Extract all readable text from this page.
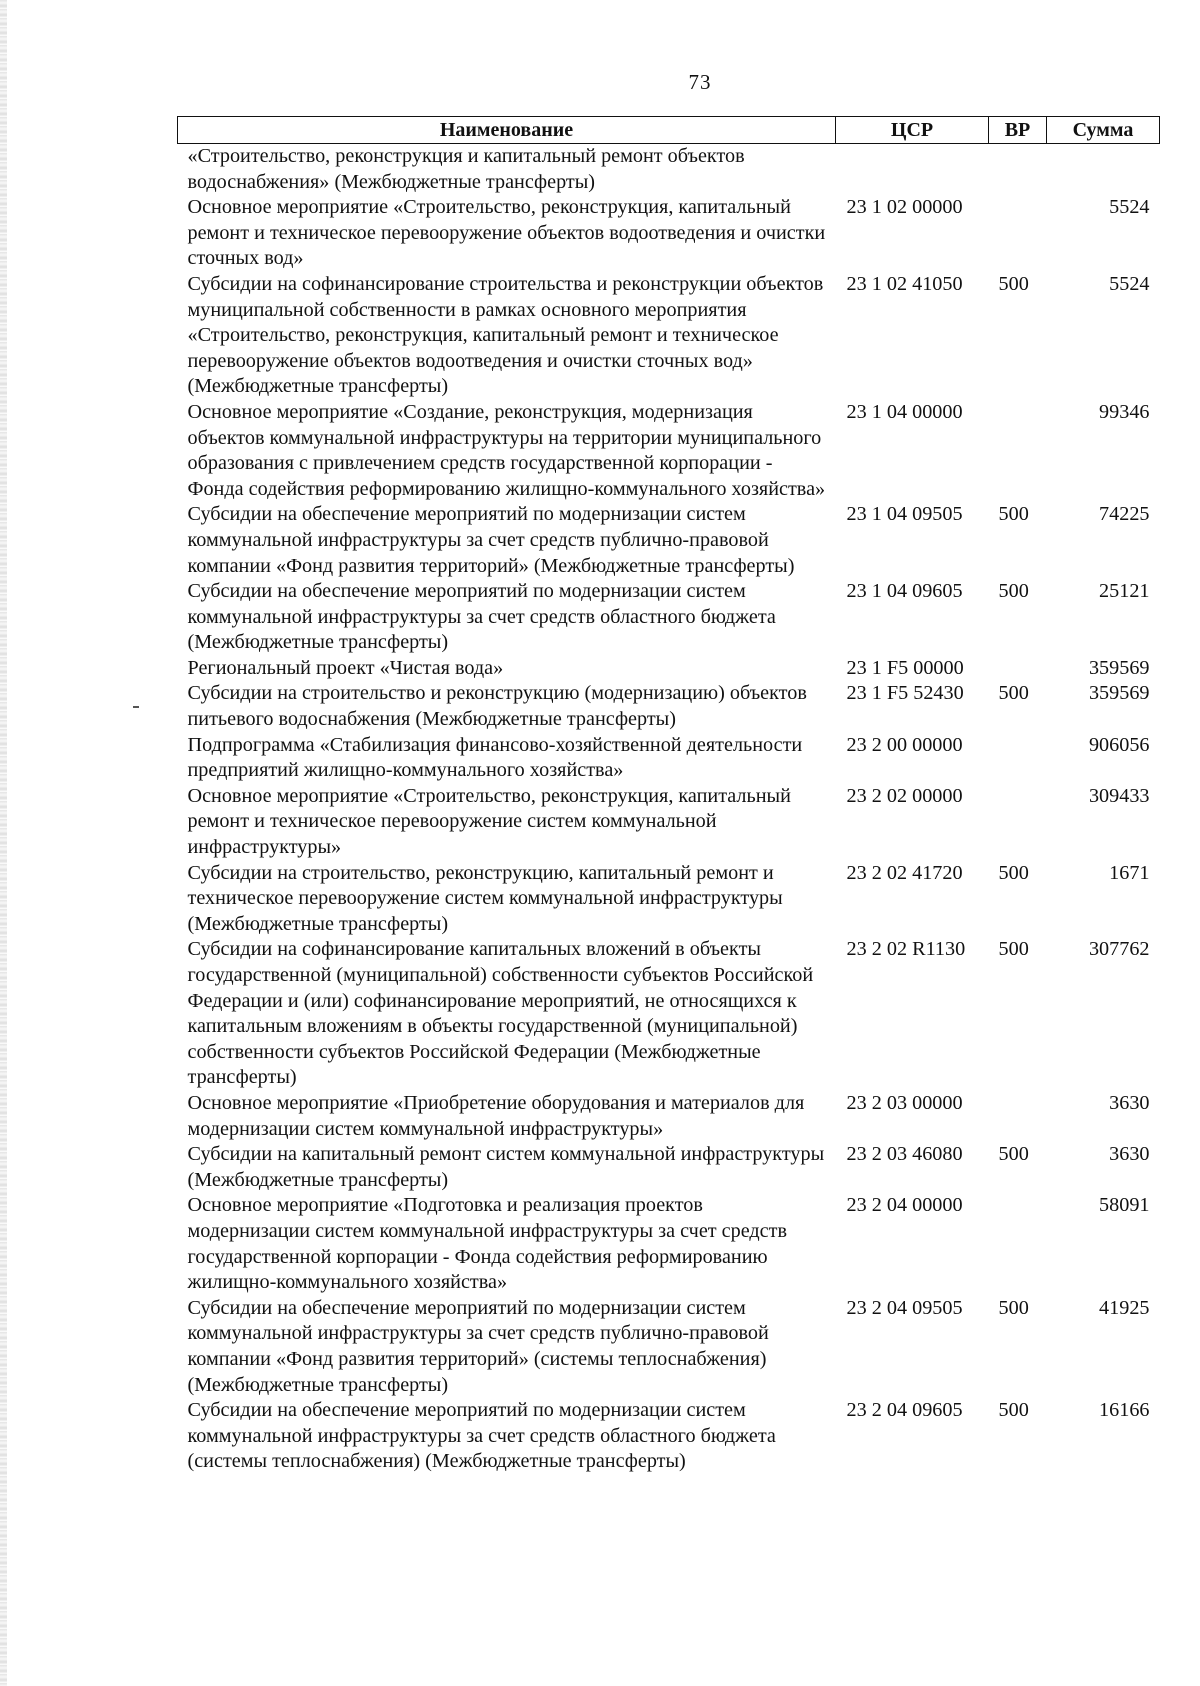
73
Наименование	ЦСР	ВР	Сумма
«Строительство, реконструкция и капитальный ремонт объектов водоснабжения» (Межбюджетные трансферты)			
Основное мероприятие «Строительство, реконструкция, капитальный ремонт и техническое перевооружение объектов водоотведения и очистки сточных вод»	23 1 02 00000		5524
Субсидии на софинансирование строительства и реконструкции объектов муниципальной собственности в рамках основного мероприятия «Строительство, реконструкция, капитальный ремонт и техническое перевооружение объектов водоотведения и очистки сточных вод» (Межбюджетные трансферты)	23 1 02 41050	500	5524
Основное мероприятие «Создание, реконструкция, модернизация объектов коммунальной инфраструктуры на территории муниципального образования с привлечением средств государственной корпорации - Фонда содействия реформированию жилищно-коммунального хозяйства»	23 1 04 00000		99346
Субсидии на обеспечение мероприятий по модернизации систем коммунальной инфраструктуры за счет средств публично-правовой компании «Фонд развития территорий» (Межбюджетные трансферты)	23 1 04 09505	500	74225
Субсидии на обеспечение мероприятий по модернизации систем коммунальной инфраструктуры за счет средств областного бюджета (Межбюджетные трансферты)	23 1 04 09605	500	25121
Региональный проект «Чистая вода»	23 1 F5 00000		359569
Субсидии на строительство и реконструкцию (модернизацию) объектов питьевого водоснабжения (Межбюджетные трансферты)	23 1 F5 52430	500	359569
Подпрограмма «Стабилизация финансово-хозяйственной деятельности предприятий жилищно-коммунального хозяйства»	23 2 00 00000		906056
Основное мероприятие «Строительство, реконструкция, капитальный ремонт и техническое перевооружение систем коммунальной инфраструктуры»	23 2 02 00000		309433
Субсидии на строительство, реконструкцию, капитальный ремонт и техническое перевооружение систем коммунальной инфраструктуры (Межбюджетные трансферты)	23 2 02 41720	500	1671
Субсидии на софинансирование капитальных вложений в объекты государственной (муниципальной) собственности субъектов Российской Федерации и (или) софинансирование мероприятий, не относящихся к капитальным вложениям в объекты государственной (муниципальной) собственности субъектов Российской Федерации (Межбюджетные трансферты)	23 2 02 R1130	500	307762
Основное мероприятие «Приобретение оборудования и материалов для модернизации систем коммунальной инфраструктуры»	23 2 03 00000		3630
Субсидии на капитальный ремонт систем коммунальной инфраструктуры (Межбюджетные трансферты)	23 2 03 46080	500	3630
Основное мероприятие «Подготовка и реализация проектов модернизации систем коммунальной инфраструктуры за счет средств государственной корпорации - Фонда содействия реформированию жилищно-коммунального хозяйства»	23 2 04 00000		58091
Субсидии на обеспечение мероприятий по модернизации систем коммунальной инфраструктуры за счет средств публично-правовой компании «Фонд развития территорий» (системы теплоснабжения) (Межбюджетные трансферты)	23 2 04 09505	500	41925
Субсидии на обеспечение мероприятий по модернизации систем коммунальной инфраструктуры за счет средств областного бюджета (системы теплоснабжения) (Межбюджетные трансферты)	23 2 04 09605	500	16166
